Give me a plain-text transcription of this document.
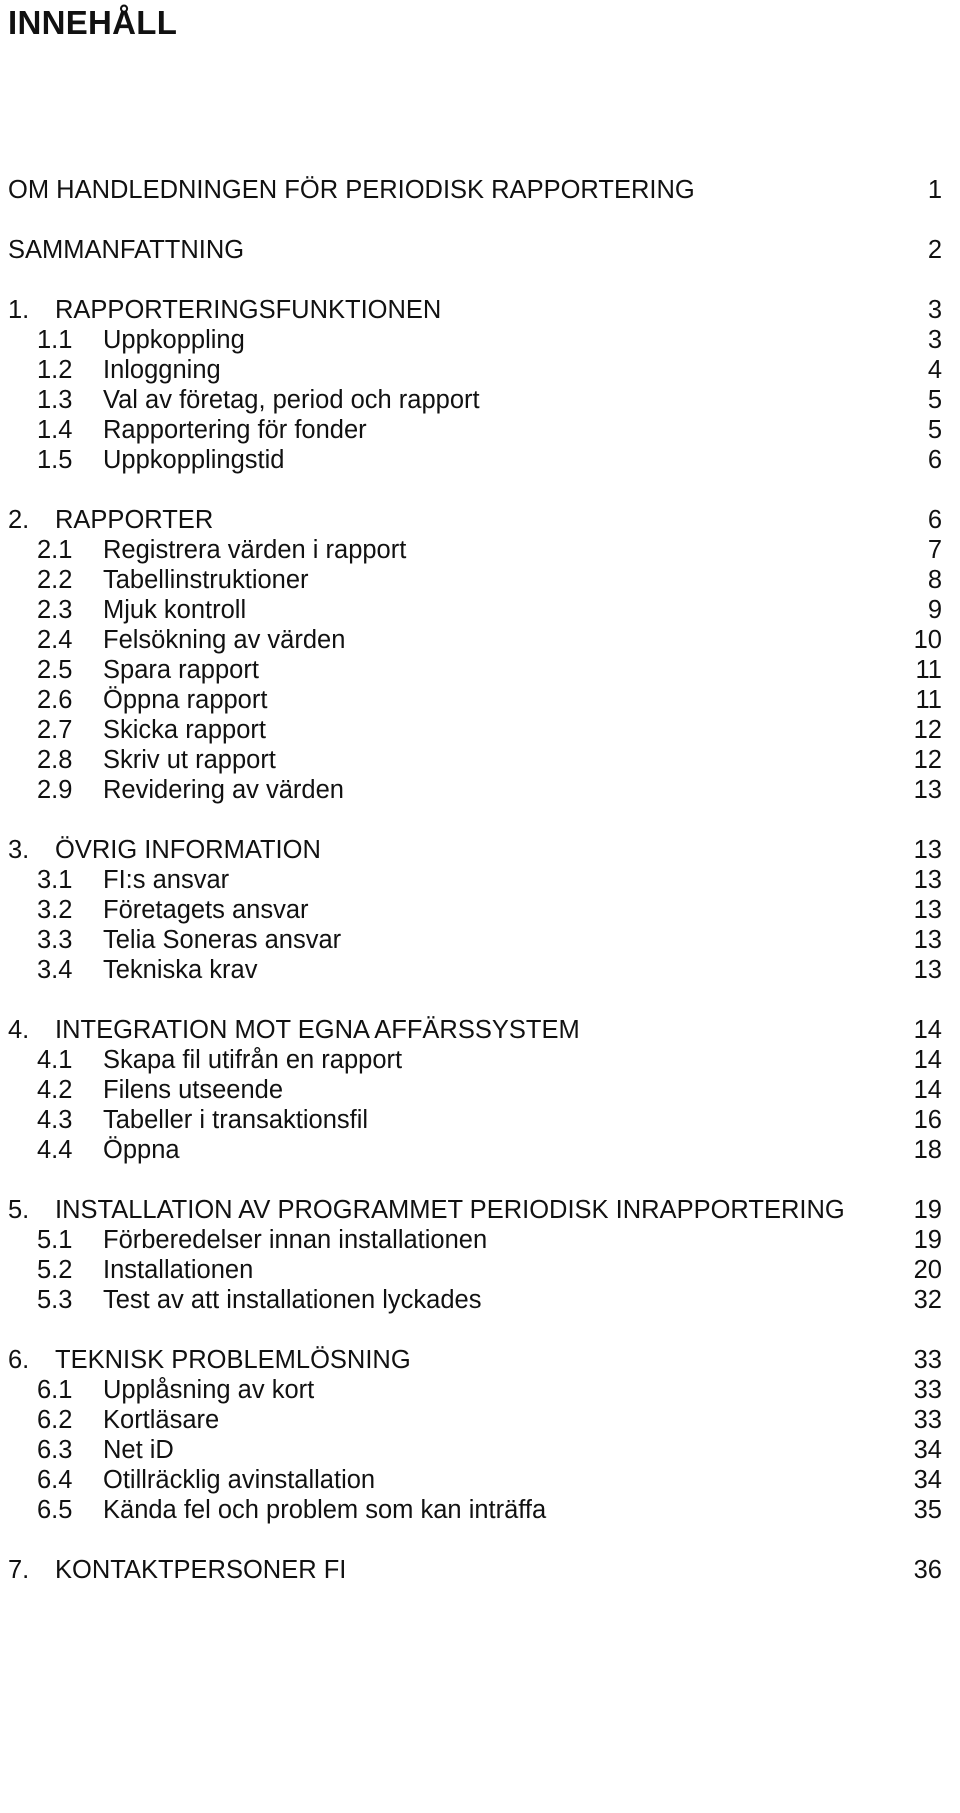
INNEHÅLL
OM HANDLEDNINGEN FÖR PERIODISK RAPPORTERING	1
SAMMANFATTNING	2
1.	RAPPORTERINGSFUNKTIONEN	3
1.1 Uppkoppling	3
1.2 Inloggning	4
1.3 Val av företag, period och rapport	5
1.4 Rapportering för fonder	5
1.5 Uppkopplingstid	6
2.	RAPPORTER	6
2.1 Registrera värden i rapport	7
2.2 Tabellinstruktioner	8
2.3 Mjuk kontroll	9
2.4 Felsökning av värden	10
2.5 Spara rapport	11
2.6 Öppna rapport	11
2.7 Skicka rapport	12
2.8 Skriv ut rapport	12
2.9 Revidering av värden	13
3.	ÖVRIG INFORMATION	13
3.1 FI:s ansvar	13
3.2 Företagets ansvar	13
3.3 Telia Soneras ansvar	13
3.4 Tekniska krav	13
4.	INTEGRATION MOT EGNA AFFÄRSSYSTEM	14
4.1 Skapa fil utifrån en rapport	14
4.2 Filens utseende	14
4.3 Tabeller i transaktionsfil	16
4.4 Öppna	18
5.	INSTALLATION AV PROGRAMMET PERIODISK INRAPPORTERING	19
5.1 Förberedelser innan installationen	19
5.2 Installationen	20
5.3 Test av att installationen lyckades	32
6.	TEKNISK PROBLEMLÖSNING	33
6.1 Upplåsning av kort	33
6.2 Kortläsare	33
6.3 Net iD	34
6.4 Otillräcklig avinstallation	34
6.5 Kända fel och problem som kan inträffa	35
7.	KONTAKTPERSONER FI	36
